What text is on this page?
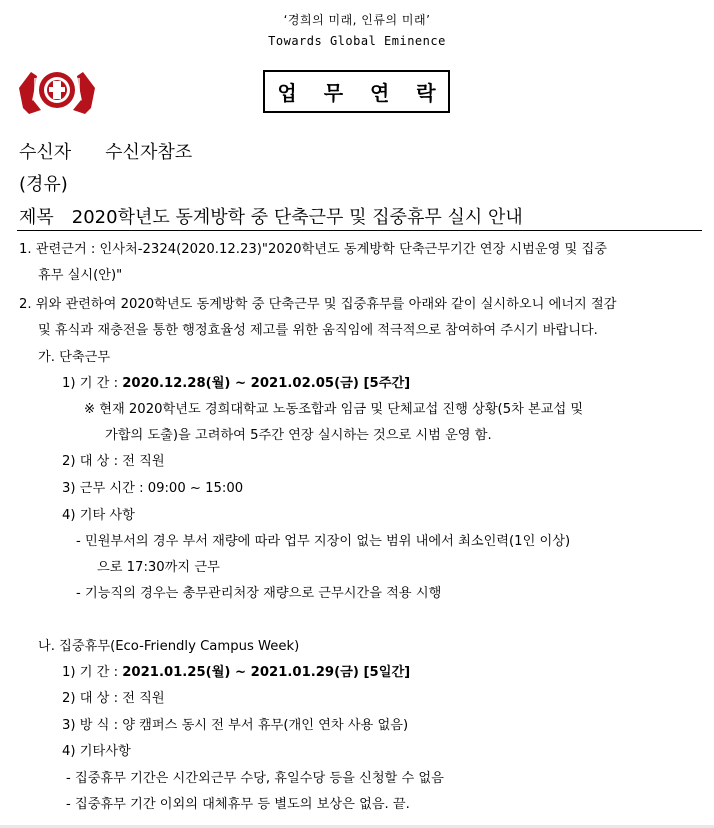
‘경희의 미래, 인류의 미래’
Towards Global Eminence
업 무 연 락
수신자 수신자참조
(경유)
제목 2020학년도 동계방학 중 단축근무 및 집중휴무 실시 안내
1. 관련근거 : 인사처-2324(2020.12.23)"2020학년도 동계방학 단축근무기간 연장 시범운영 및 집중
휴무 실시(안)"
2. 위와 관련하여 2020학년도 동계방학 중 단축근무 및 집중휴무를 아래와 같이 실시하오니 에너지 절감
및 휴식과 재충전을 통한 행정효율성 제고를 위한 움직임에 적극적으로 참여하여 주시기 바랍니다.
가. 단축근무
1) 기 간 : 2020.12.28(월) ~ 2021.02.05(금) [5주간]
※ 현재 2020학년도 경희대학교 노동조합과 임금 및 단체교섭 진행 상황(5차 본교섭 및
가합의 도출)을 고려하여 5주간 연장 실시하는 것으로 시범 운영 함.
2) 대 상 : 전 직원
3) 근무 시간 : 09:00 ~ 15:00
4) 기타 사항
- 민원부서의 경우 부서 재량에 따라 업무 지장이 없는 범위 내에서 최소인력(1인 이상)
으로 17:30까지 근무
- 기능직의 경우는 총무관리처장 재량으로 근무시간을 적용 시행
나. 집중휴무(Eco-Friendly Campus Week)
1) 기 간 : 2021.01.25(월) ~ 2021.01.29(금) [5일간]
2) 대 상 : 전 직원
3) 방 식 : 양 캠퍼스 동시 전 부서 휴무(개인 연차 사용 없음)
4) 기타사항
- 집중휴무 기간은 시간외근무 수당, 휴일수당 등을 신청할 수 없음
- 집중휴무 기간 이외의 대체휴무 등 별도의 보상은 없음. 끝.
